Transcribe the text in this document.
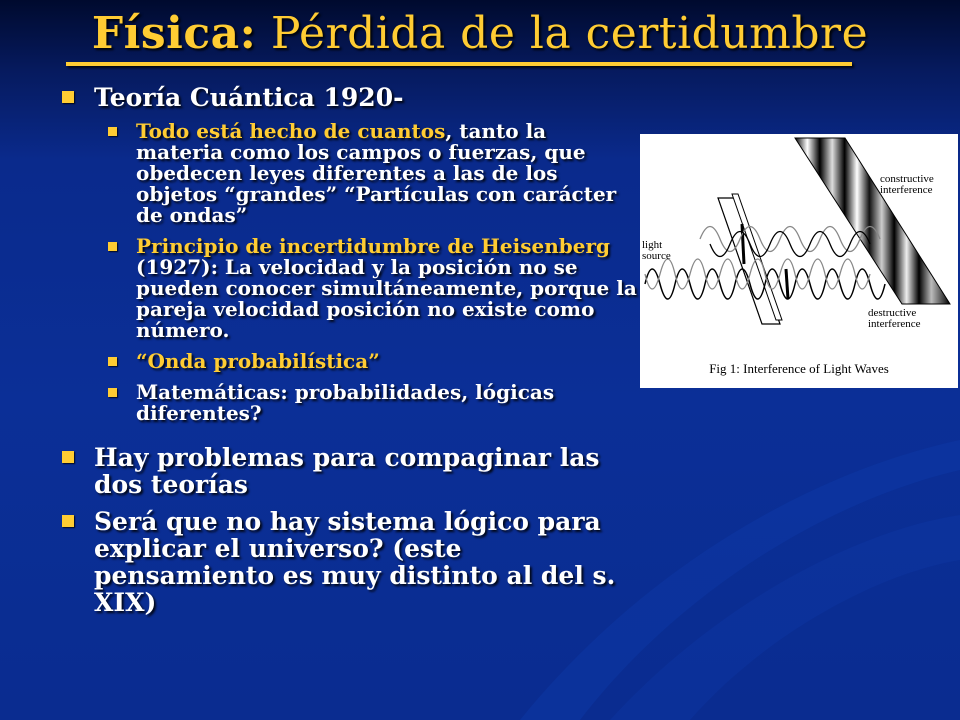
Física: Pérdida de la certidumbre
Teoría Cuántica 1920-
Todo está hecho de cuantos, tanto la materia como los campos o fuerzas, que obedecen leyes diferentes a las de los objetos “grandes” “Partículas con carácter de ondas”
Principio de incertidumbre de Heisenberg (1927): La velocidad y la posición no se pueden conocer simultáneamente, porque la pareja velocidad posición no existe como número.
“Onda probabilística”
Matemáticas: probabilidades, lógicas diferentes?
Hay problemas para compaginar las dos teorías
Será que no hay sistema lógico para explicar el universo? (este pensamiento es muy distinto al del s. XIX)
light
source
constructive
interference
destructive
interference
Fig 1: Interference of Light Waves
